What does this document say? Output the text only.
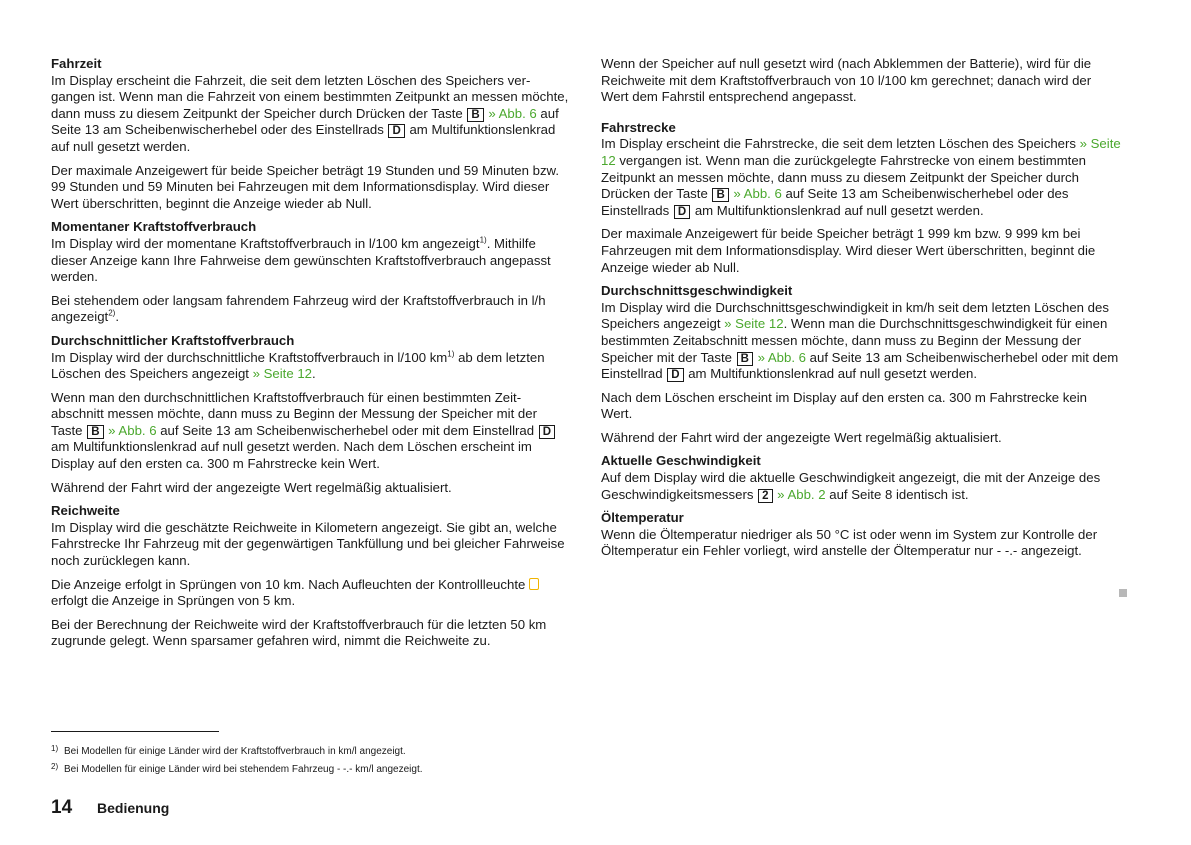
Fahrzeit

Im Display erscheint die Fahrzeit, die seit dem letzten Löschen des Speichers vergangen ist. Wenn man die Fahrzeit von einem bestimmten Zeitpunkt an messen möchte, dann muss zu diesem Zeitpunkt der Speicher durch Drücken der Taste B » Abb. 6 auf Seite 13 am Scheibenwischerhebel oder des Einstellrads D am Multifunktionslenkrad auf null gesetzt werden.

Der maximale Anzeigewert für beide Speicher beträgt 19 Stunden und 59 Minuten bzw. 99 Stunden und 59 Minuten bei Fahrzeugen mit dem Informationsdisplay. Wird dieser Wert überschritten, beginnt die Anzeige wieder ab Null.

Momentaner Kraftstoffverbrauch

Im Display wird der momentane Kraftstoffverbrauch in l/100 km angezeigt$^{1)}$. Mithilfe dieser Anzeige kann Ihre Fahrweise dem gewünschten Kraftstoffverbrauch angepasst werden.

Bei stehendem oder langsam fahrendem Fahrzeug wird der Kraftstoffverbrauch in l/h angezeigt$^{2)}$.

Durchschnittlicher Kraftstoffverbrauch

Im Display wird der durchschnittliche Kraftstoffverbrauch in l/100 $km^{1)}$ ab dem letzten Löschen des Speichers angezeigt » Seite 12.

Wenn man den durchschnittlichen Kraftstoffverbrauch für einen bestimmten Zeitabschnitt messen möchte, dann muss zu Beginn der Messung der Speicher mit der Taste B » Abb. 6 auf Seite 13 am Scheibenwischerhebel oder mit dem Einstellrad D am Multifunktionslenkrad auf null gesetzt werden. Nach dem Löschen erscheint im Display auf den ersten ca. 300 m Fahrstrecke kein Wert.

Während der Fahrt wird der angezeigte Wert regelmäßig aktualisiert.

Reichweite

Im Display wird die geschätzte Reichweite in Kilometern angezeigt. Sie gibt an, welche Fahrstrecke Ihr Fahrzeug mit der gegenwärtigen Tankfüllung und bei gleicher Fahrweise noch zurücklegen kann.

Die Anzeige erfolgt in Sprüngen von 10 km. Nach Aufleuchten der Kontrollleuchte  erfolgt die Anzeige in Sprüngen von 5 km.

Bei der Berechnung der Reichweite wird der Kraftstoffverbrauch für die letzten 50 km zugrunde gelegt. Wenn sparsamer gefahren wird, nimmt die Reichweite zu.

Wenn der Speicher auf null gesetzt wird (nach Abklemmen der Batterie), wird für die Reichweite mit dem Kraftstoffverbrauch von 10 l/100 km gerechnet; danach wird der Wert dem Fahrstil entsprechend angepasst.

Fahrstrecke

Im Display erscheint die Fahrstrecke, die seit dem letzten Löschen des Speichers » Seite 12 vergangen ist. Wenn man die zurückgelegte Fahrstrecke von einem bestimmten Zeitpunkt an messen möchte, dann muss zu diesem Zeitpunkt der Speicher durch Drücken der Taste B » Abb. 6 auf Seite 13 am Scheibenwischerhebel oder des Einstellrads D am Multifunktionslenkrad auf null gesetzt werden.

Der maximale Anzeigewert für beide Speicher beträgt 1 999 km bzw. 9 999 km bei Fahrzeugen mit dem Informationsdisplay. Wird dieser Wert überschritten, beginnt die Anzeige wieder ab Null.

Durchschnittsgeschwindigkeit

Im Display wird die Durchschnittsgeschwindigkeit in km/h seit dem letzten Löschen des Speichers angezeigt » Seite 12. Wenn man die Durchschnittsgeschwindigkeit für einen bestimmten Zeitabschnitt messen möchte, dann muss zu Beginn der Messung der Speicher mit der Taste B » Abb. 6 auf Seite 13 am Scheibenwischerhebel oder mit dem Einstellrad D am Multifunktionslenkrad auf null gesetzt werden.

Nach dem Löschen erscheint im Display auf den ersten ca. 300 m Fahrstrecke kein Wert.

Während der Fahrt wird der angezeigte Wert regelmäßig aktualisiert.

Aktuelle Geschwindigkeit

Auf dem Display wird die aktuelle Geschwindigkeit angezeigt, die mit der Anzeige des Geschwindigkeitsmessers 2 » Abb. 2 auf Seite 8 identisch ist.

Öltemperatur

Wenn die Öltemperatur niedriger als 50 °C ist oder wenn im System zur Kontrolle der Öltemperatur ein Fehler vorliegt, wird anstelle der Öltemperatur nur - -.- angezeigt.

1) Bei Modellen für einige Länder wird der Kraftstoffverbrauch in km/l angezeigt.
2) Bei Modellen für einige Länder wird bei stehendem Fahrzeug - -.- km/l angezeigt.
14 Bedienung
